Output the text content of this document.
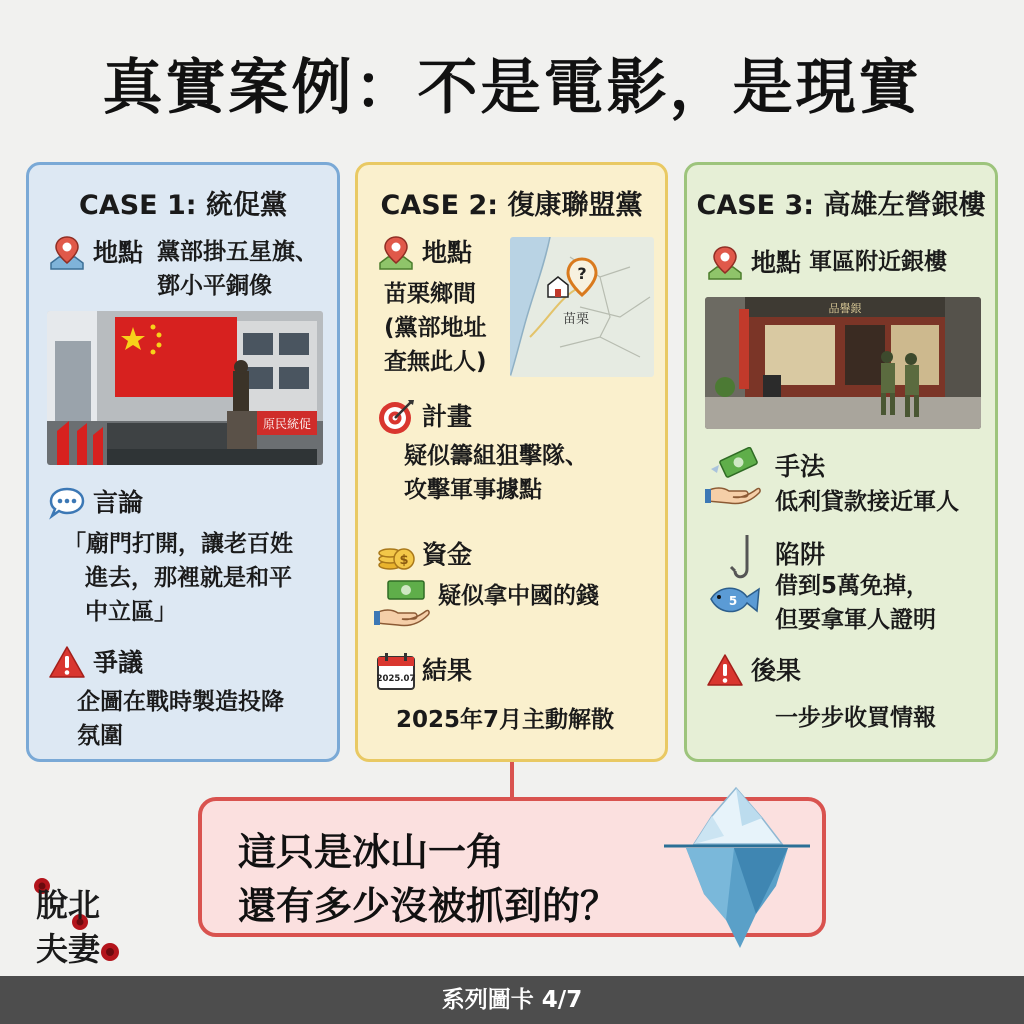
真實案例：不是電影，是現實
CASE 1: 統促黨
地點 黨部掛五星旗、
鄧小平銅像
原民統促
言論
「廟門打開，讓老百姓
進去，那裡就是和平
中立區」
爭議
企圖在戰時製造投降
氛圍
CASE 2: 復康聯盟黨
地點
苗栗鄉間
(黨部地址
查無此人)
?
苗栗
計畫
疑似籌組狙擊隊、
攻擊軍事據點
$ 資金
疑似拿中國的錢
2025.07 結果
2025年7月主動解散
CASE 3: 高雄左營銀樓
地點 軍區附近銀樓
品譽銀
手法
低利貸款接近軍人
5
陷阱
借到5萬免掉，
但要拿軍人證明
後果
一步步收買情報
這只是冰山一角
還有多少沒被抓到的？
脫北
夫妻
系列圖卡 4/7
